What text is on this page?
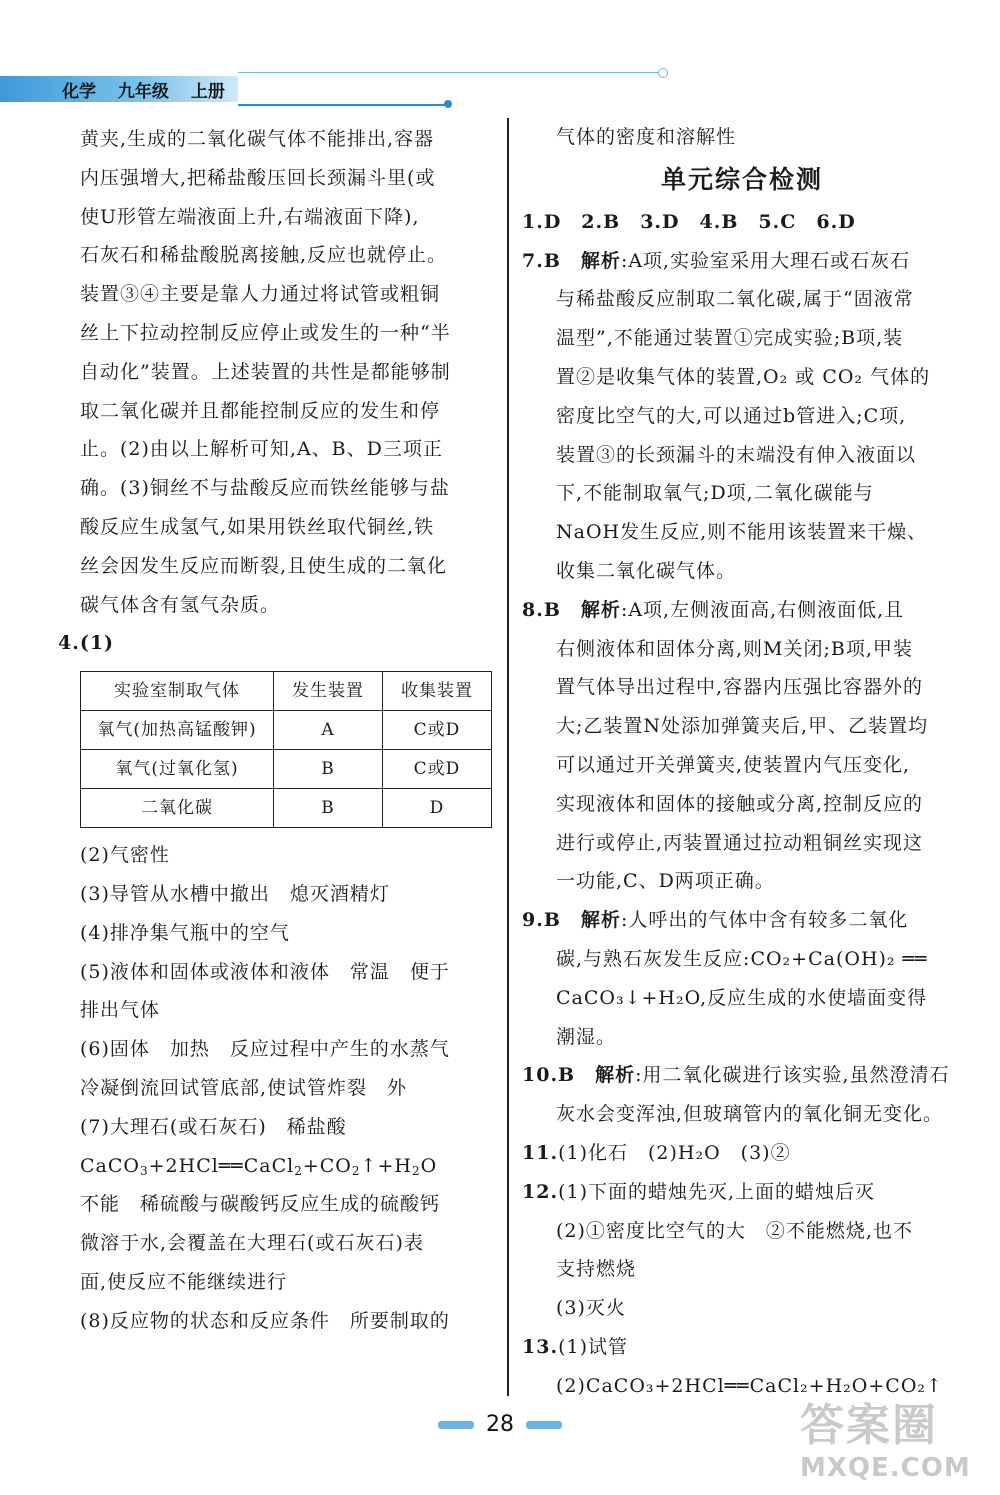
化学 九年级 上册
黄夹,生成的二氧化碳气体不能排出,容器
内压强增大,把稀盐酸压回长颈漏斗里(或
使U形管左端液面上升,右端液面下降),
石灰石和稀盐酸脱离接触,反应也就停止。
装置③④主要是靠人力通过将试管或粗铜
丝上下拉动控制反应停止或发生的一种“半
自动化”装置。上述装置的共性是都能够制
取二氧化碳并且都能控制反应的发生和停
止。(2)由以上解析可知,A、B、D三项正
确。(3)铜丝不与盐酸反应而铁丝能够与盐
酸反应生成氢气,如果用铁丝取代铜丝,铁
丝会因发生反应而断裂,且使生成的二氧化
碳气体含有氢气杂质。
4.(1)
实验室制取气体	发生装置	收集装置
氧气(加热高锰酸钾)	A	C或D
氧气(过氧化氢)	B	C或D
二氧化碳	B	D
(2)气密性
(3)导管从水槽中撤出　熄灭酒精灯
(4)排净集气瓶中的空气
(5)液体和固体或液体和液体　常温　便于
排出气体
(6)固体　加热　反应过程中产生的水蒸气
冷凝倒流回试管底部,使试管炸裂　外
(7)大理石(或石灰石)　稀盐酸
$CaCO_3+2HCl══CaCl_2+CO_2↑+H_2O$
不能　稀硫酸与碳酸钙反应生成的硫酸钙
微溶于水,会覆盖在大理石(或石灰石)表
面,使反应不能继续进行
(8)反应物的状态和反应条件　所要制取的
气体的密度和溶解性
单元综合检测
1.D　2.B　3.D　4.B　5.C　6.D
7.B　 解析:A项,实验室采用大理石或石灰石
与稀盐酸反应制取二氧化碳,属于“固液常
温型”,不能通过装置①完成实验;B项,装
置②是收集气体的装置,O₂ 或 CO₂ 气体的
密度比空气的大,可以通过b管进入;C项,
装置③的长颈漏斗的末端没有伸入液面以
下,不能制取氧气;D项,二氧化碳能与
NaOH发生反应,则不能用该装置来干燥、
收集二氧化碳气体。
8.B　 解析:A项,左侧液面高,右侧液面低,且
右侧液体和固体分离,则M关闭;B项,甲装
置气体导出过程中,容器内压强比容器外的
大;乙装置N处添加弹簧夹后,甲、乙装置均
可以通过开关弹簧夹,使装置内气压变化,
实现液体和固体的接触或分离,控制反应的
进行或停止,丙装置通过拉动粗铜丝实现这
一功能,C、D两项正确。
9.B　 解析:人呼出的气体中含有较多二氧化
碳,与熟石灰发生反应:CO₂+Ca(OH)₂ ══
CaCO₃↓+H₂O,反应生成的水使墙面变得
潮湿。
10.B　 解析:用二氧化碳进行该实验,虽然澄清石
灰水会变浑浊,但玻璃管内的氧化铜无变化。
11.(1)化石　(2)H₂O　(3)②
12.(1)下面的蜡烛先灭,上面的蜡烛后灭
(2)①密度比空气的大　②不能燃烧,也不
支持燃烧
(3)灭火
13.(1)试管
(2)CaCO₃+2HCl══CaCl₂+H₂O+CO₂↑
28	答案圈
MXQE.COM
